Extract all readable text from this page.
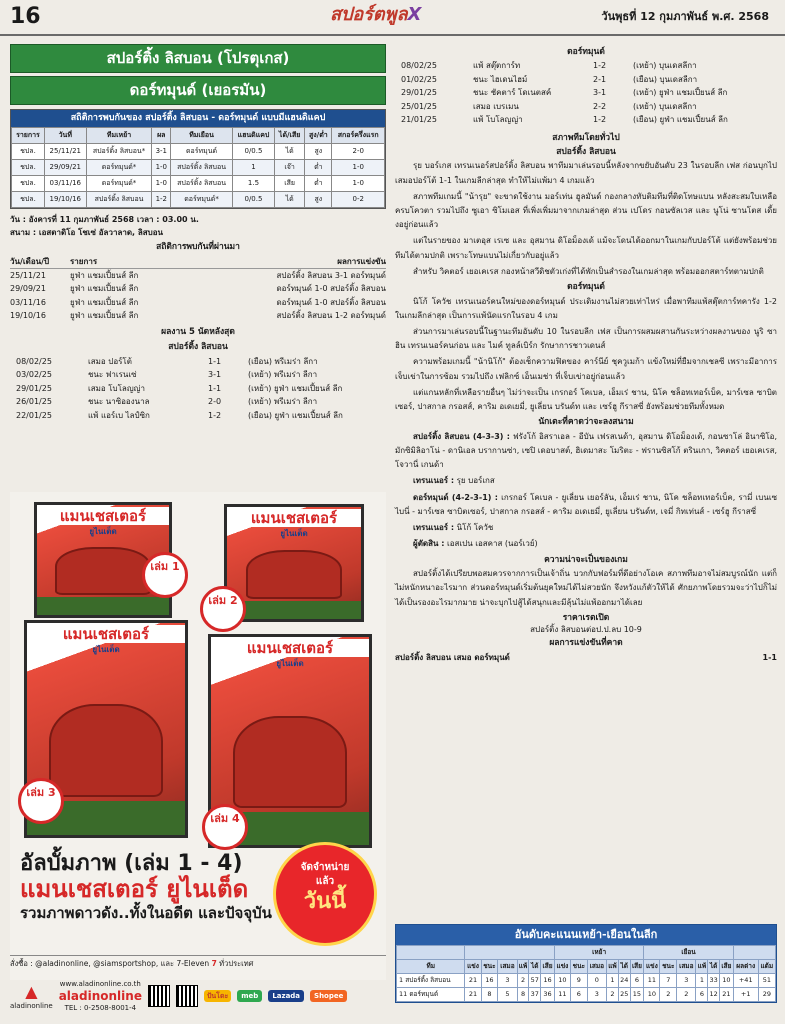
16	สปอร์ตพูลX	วันพุธที่ 12 กุมภาพันธ์ พ.ศ. 2568
สปอร์ติ้ง ลิสบอน (โปรตุเกส)
ดอร์ทมุนด์ (เยอรมัน)
สถิติการพบกันของ สปอร์ติ้ง ลิสบอน - ดอร์ทมุนด์ แบบมีแฮนดิแคป
รายการ	วันที่	ทีมเหย้า	ผล	ทีมเยือน	แฮนดิแคป	ได้/เสีย	สูง/ต่ำ	สกอร์ครึ่งแรก
ชปล.	25/11/21	สปอร์ติ้ง ลิสบอน*	3-1	ดอร์ทมุนด์	0/0.5	ได้	สูง	2-0
ชปล.	29/09/21	ดอร์ทมุนด์*	1-0	สปอร์ติ้ง ลิสบอน	1	เจ๊า	ต่ำ	1-0
ชปล.	03/11/16	ดอร์ทมุนด์*	1-0	สปอร์ติ้ง ลิสบอน	1.5	เสีย	ต่ำ	1-0
ชปล.	19/10/16	สปอร์ติ้ง ลิสบอน	1-2	ดอร์ทมุนด์*	0/0.5	ได้	สูง	0-2
วัน : อังคารที่ 11 กุมภาพันธ์ 2568 เวลา : 03.00 น.
สนาม : เอสตาดิโอ โชเซ่ อัลวาลาด, ลิสบอน
สถิติการพบกันที่ผ่านมา
วัน/เดือน/ปี	รายการ	ผลการแข่งขัน
25/11/21	ยูฟ่า แชมเปี้ยนส์ ลีก	สปอร์ติ้ง ลิสบอน 3-1 ดอร์ทมุนด์
29/09/21	ยูฟ่า แชมเปี้ยนส์ ลีก	ดอร์ทมุนด์ 1-0 สปอร์ติ้ง ลิสบอน
03/11/16	ยูฟ่า แชมเปี้ยนส์ ลีก	ดอร์ทมุนด์ 1-0 สปอร์ติ้ง ลิสบอน
19/10/16	ยูฟ่า แชมเปี้ยนส์ ลีก	สปอร์ติ้ง ลิสบอน 1-2 ดอร์ทมุนด์
ผลงาน 5 นัดหลังสุด
สปอร์ติ้ง ลิสบอน
08/02/25	เสมอ ปอร์โต้	1-1	(เยือน) พรีเมร่า ลีกา
03/02/25	ชนะ ฟาเรนเซ่	3-1	(เหย้า) พรีเมร่า ลีกา
29/01/25	เสมอ โบโลญญ่า	1-1	(เหย้า) ยูฟ่า แชมเปี้ยนส์ ลีก
26/01/25	ชนะ นาซิอองนาล	2-0	(เหย้า) พรีเมร่า ลีกา
22/01/25	แพ้ แอร์เบ ไลป์ซิก	1-2	(เยือน) ยูฟ่า แชมเปี้ยนส์ ลีก
แมนเชสเตอร์
ยูไนเต็ด
เล่ม 1
แมนเชสเตอร์
ยูไนเต็ด
เล่ม 2
แมนเชสเตอร์
ยูไนเต็ด
เล่ม 3
แมนเชสเตอร์
ยูไนเต็ด
เล่ม 4
อัลบั้มภาพ (เล่ม 1 - 4)
แมนเชสเตอร์ ยูไนเต็ด
รวมภาพดาวดัง..ทั้งในอดีต และปัจจุบัน
จัดจำหน่าย
แล้ว
วันนี้
สั่งซื้อ : @aladinonline, @siamsportshop, และ 7-Eleven 7 ทั่วประเทศ
▲
aladinonline
www.aladinonline.co.th
aladinonline
TEL : 0-2508-8001-4
ปันโดะ	meb	Lazada	Shopee
ดอร์ทมุนด์
08/02/25	แพ้ สตุ๊ตการ์ท	1-2	(เหย้า) บุนเดสลีกา
01/02/25	ชนะ ไฮเดนไฮม์	2-1	(เยือน) บุนเดสลีกา
29/01/25	ชนะ ชัคตาร์ โดเนตสค์	3-1	(เหย้า) ยูฟ่า แชมเปี้ยนส์ ลีก
25/01/25	เสมอ เบรเมน	2-2	(เหย้า) บุนเดสลีกา
21/01/25	แพ้ โบโลญญ่า	1-2	(เยือน) ยูฟ่า แชมเปี้ยนส์ ลีก
สภาพทีมโดยทั่วไป
สปอร์ติ้ง ลิสบอน

รุย บอร์เกส เทรนเนอร์สปอร์ติ้ง ลิสบอน พาทีมมาเล่นรอบนี้หลังจากขยับอันดับ 23 ในรอบลีก เฟส ก่อนบุกไปเสมอปอร์โต้ 1-1 ในเกมลีกล่าสุด ทำให้ไม่แพ้มา 4 เกมแล้ว

สภาพทีมเกมนี้ "น้ารุย" จะขาดใช้งาน มอร์เท่น ฮูลมันด์ กองกลางทับติมทีมที่ติดโทษแบน หลังสะสมใบเหลือครบโควตา รวมไปถึง ซูเอา ซิโมเอส ที่เพิ่งเพิ่มมาจากเกมล่าสุด ส่วน เปโดร กอนซัลเวส และ นูโน่ ซานโตส เดี้ยงอยู่ก่อนแล้ว

แต่ในรายของ มาเตอุส เรเซ และ อุสมาน ดิโอม็องเด้ แม้จะโดนได้ออกมาในเกมกับปอร์โต้ แต่ยังพร้อมช่วยทีมได้ตามปกติ เพราะโทษแบนไม่เกี่ยวกับอยู่แล้ว

สำหรับ วิคตอร์ เยอเคเรส กองหน้าสวีดิชตัวเก่งที่ได้พักเป็นสำรองในเกมล่าสุด พร้อมออกสตาร์ทตามปกติ

ดอร์ทมุนด์

นิโก้ โควัช เทรนเนอร์คนใหม่ของดอร์ทมุนด์ ประเดิมงานไม่สวยเท่าไหร่ เมื่อพาทีมแพ้สตุ๊ตการ์ทคารัง 1-2 ในเกมลีกล่าสุด เป็นการแพ้นัดแรกในรอบ 4 เกม

ส่วนการมาเล่นรอบนี้ในฐานะทีมอันดับ 10 ในรอบลีก เฟส เป็นการผสมผสานกันระหว่างผลงานของ นูริ ซาฮิน เทรนเนอร์คนก่อน และ ไมค์ ทูลล์เบิร์ก รักษาการชาวเดนส์

ความพร้อมเกมนี้ "น้านิโก้" ต้องเช็กความฟิตของ คาร์นีย์ ชุควูเมก้า แข้งใหม่ที่ยืมจากเชลซี เพราะมีอาการเจ็บเข่าในการซ้อม รวมไปถึง เฟลิกซ์ เอ็นเมช่า ที่เจ็บเข่าอยู่ก่อนแล้ว

แต่แกนหลักที่เหลือรายอื่นๆ ไม่ว่าจะเป็น เกรกอร์ โคเบล, เอ็มเร่ ชาน, นิโค ชล็อทเทอร์เบ็ค, มาร์เซล ซาบิตเซอร์, ปาสกาล กรอสส์, คาริม อเดเยมี่, ยูเลี่ยน บรันด์ท และ เซร์ฮู กีราสซี่ ยังพร้อมช่วยทีมทั้งหมด

นักเตะที่คาดว่าจะลงสนาม

สปอร์ติ้ง ลิสบอน (4-3-3) : ฟรังโก้ อิสราเอล - อีบัน เฟรสเนด้า, อุสมาน ดิโอม็องเด้, กอนซาโล่ อินาซิโอ, มักซิมิลิอาโน่ - ดานิเอล บรากานซ่า, เซปิ เดอบาสต์, ฮิเดมาสะ โมริตะ - ฟรานซิสโก้ ตรินเกา, วิคตอร์ เยอเคเรส, โจวานี่ เกนด้า

เทรนเนอร์ : รุย บอร์เกส

ดอร์ทมุนด์ (4-2-3-1) : เกรกอร์ โคเบล - ยูเลี่ยน เยอร์ลัน, เอ็มเร่ ชาน, นิโค ชล็อทเทอร์เบ็ค, รามี่ เบนเซไบนี่ - มาร์เซล ซาบิตเซอร์, ปาสกาล กรอสส์ - คาริม อเดเยมี่, ยูเลี่ยน บรันด์ท, เจมี่ กิทเท่นส์ - เซร์ฮู กีราสซี่

เทรนเนอร์ : นิโก้ โควัช

ผู้ตัดสิน : เอสเปน เอสคาส (นอร์เวย์)

ความน่าจะเป็นของเกม

สปอร์ติ้งได้เปรียบพอสมควรจากการเป็นเจ้าถิ่น บวกกับฟอร์มที่ดีอย่างโอเค สภาพทีมอาจไม่สมบูรณ์นัก แต่ก็ไม่หนักหนาอะไรมาก ส่วนดอร์ทมุนด์เริ่มต้นยุคใหม่ได้ไม่สวยนัก จึงหวังแก้ตัวให้ได้ ศักยภาพโดยรวมจะว่าไปก็ไม่ได้เป็นรองอะไรมากมาย น่าจะบุกไปสู้ได้สนุกและมีลุ้นไม่แพ้ออกมาได้เลย

ราคาเรตเปิด
สปอร์ติ้ง ลิสบอนต่อป.ป.ลบ 10-9
ผลการแข่งขันที่คาด
สปอร์ติ้ง ลิสบอน เสมอ ดอร์ทมุนด์	1-1
อันดับคะแนนเหย้า-เยือนในลีก
							เหย้า						เยือน							
ทีม	แข่ง	ชนะ	เสมอ	แพ้	ได้	เสีย	แข่ง	ชนะ	เสมอ	แพ้	ได้	เสีย	แข่ง	ชนะ	เสมอ	แพ้	ได้	เสีย	ผลต่าง	แต้ม
1 สปอร์ติ้ง ลิสบอน	21	16	3	2	57	16	10	9	0	1	24	6	11	7	3	1	33	10	+41	51
11 ดอร์ทมุนด์	21	8	5	8	37	36	11	6	3	2	25	15	10	2	2	6	12	21	+1	29
